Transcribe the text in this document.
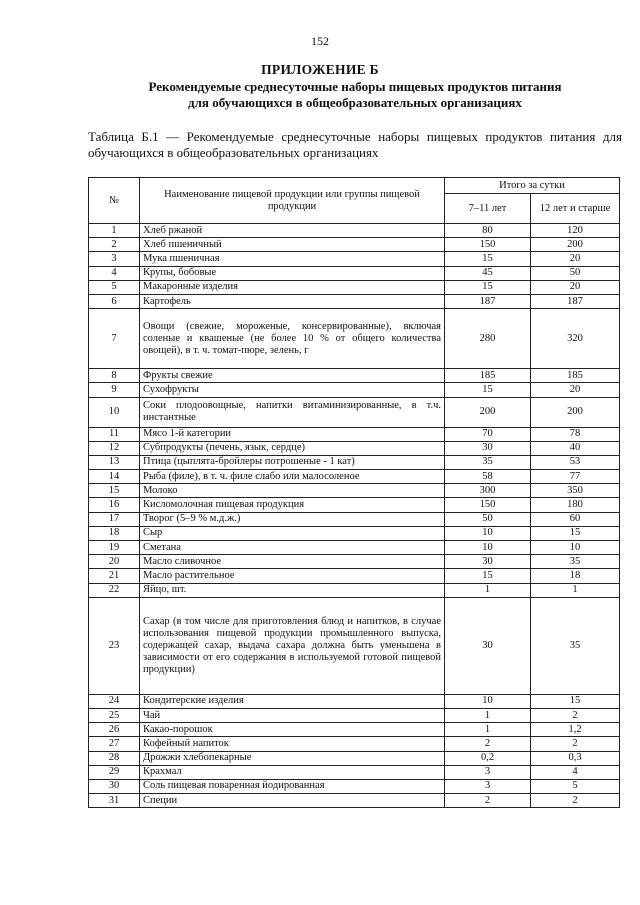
152
ПРИЛОЖЕНИЕ Б
Рекомендуемые среднесуточные наборы пищевых продуктов питания
для обучающихся в общеобразовательных организациях
Таблица Б.1 — Рекомендуемые среднесуточные наборы пищевых продуктов питания для обучающихся в общеобразовательных организациях
№	Наименование пищевой продукции или группы пищевой продукции	Итого за сутки	
		7–11 лет	12 лет и старше
1	Хлеб ржаной	80	120
2	Хлеб пшеничный	150	200
3	Мука пшеничная	15	20
4	Крупы, бобовые	45	50
5	Макаронные изделия	15	20
6	Картофель	187	187
7	Овощи (свежие, мороженые, консервированные), включая соленые и квашеные (не более 10 % от общего количества овощей), в т. ч. томат-пюре, зелень, г	280	320
8	Фрукты свежие	185	185
9	Сухофрукты	15	20
10	Соки плодоовощные, напитки витаминизированные, в т.ч. инстантные	200	200
11	Мясо 1-й категории	70	78
12	Субпродукты (печень, язык, сердце)	30	40
13	Птица (цыплята-бройлеры потрошеные - 1 кат)	35	53
14	Рыба (филе), в т. ч. филе слабо или малосоленое	58	77
15	Молоко	300	350
16	Кисломолочная пищевая продукция	150	180
17	Творог (5–9 % м.д.ж.)	50	60
18	Сыр	10	15
19	Сметана	10	10
20	Масло сливочное	30	35
21	Масло растительное	15	18
22	Яйцо, шт.	1	1
23	Сахар (в том числе для приготовления блюд и напитков, в случае использования пищевой продукции промышленного выпуска, содержащей сахар, выдача сахара должна быть уменьшена в зависимости от его содержания в используемой готовой пищевой продукции)	30	35
24	Кондитерские изделия	10	15
25	Чай	1	2
26	Какао-порошок	1	1,2
27	Кофейный напиток	2	2
28	Дрожжи хлебопекарные	0,2	0,3
29	Крахмал	3	4
30	Соль пищевая поваренная йодированная	3	5
31	Специи	2	2
